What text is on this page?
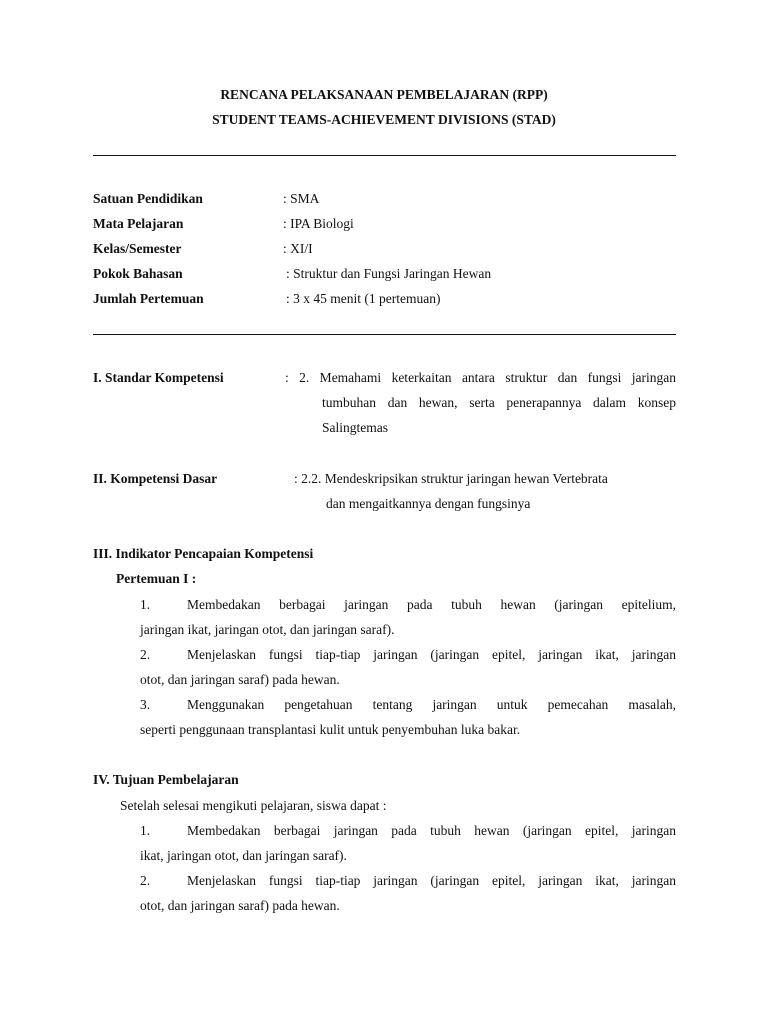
RENCANA PELAKSANAAN PEMBELAJARAN (RPP)
STUDENT TEAMS-ACHIEVEMENT DIVISIONS (STAD)
Satuan Pendidikan	: SMA
Mata Pelajaran	: IPA Biologi
Kelas/Semester	: XI/I
Pokok Bahasan	: Struktur dan Fungsi Jaringan Hewan
Jumlah Pertemuan	: 3 x 45 menit (1 pertemuan)
I. Standar Kompetensi	: 2. Memahami keterkaitan antara struktur dan fungsi jaringan
tumbuhan dan hewan, serta penerapannya dalam konsep
Salingtemas
II. Kompetensi Dasar	: 2.2. Mendeskripsikan struktur jaringan hewan Vertebrata
dan mengaitkannya dengan fungsinya
III. Indikator Pencapaian Kompetensi
Pertemuan I :
1.	Membedakan berbagai jaringan pada tubuh hewan (jaringan epitelium,
jaringan ikat, jaringan otot, dan jaringan saraf).
2.	Menjelaskan fungsi tiap-tiap jaringan (jaringan epitel, jaringan ikat, jaringan
otot, dan jaringan saraf) pada hewan.
3.	Menggunakan pengetahuan tentang jaringan untuk pemecahan masalah,
seperti penggunaan transplantasi kulit untuk penyembuhan luka bakar.
IV. Tujuan Pembelajaran
Setelah selesai mengikuti pelajaran, siswa dapat :
1.	Membedakan berbagai jaringan pada tubuh hewan (jaringan epitel, jaringan
ikat, jaringan otot, dan jaringan saraf).
2.	Menjelaskan fungsi tiap-tiap jaringan (jaringan epitel, jaringan ikat, jaringan
otot, dan jaringan saraf) pada hewan.
